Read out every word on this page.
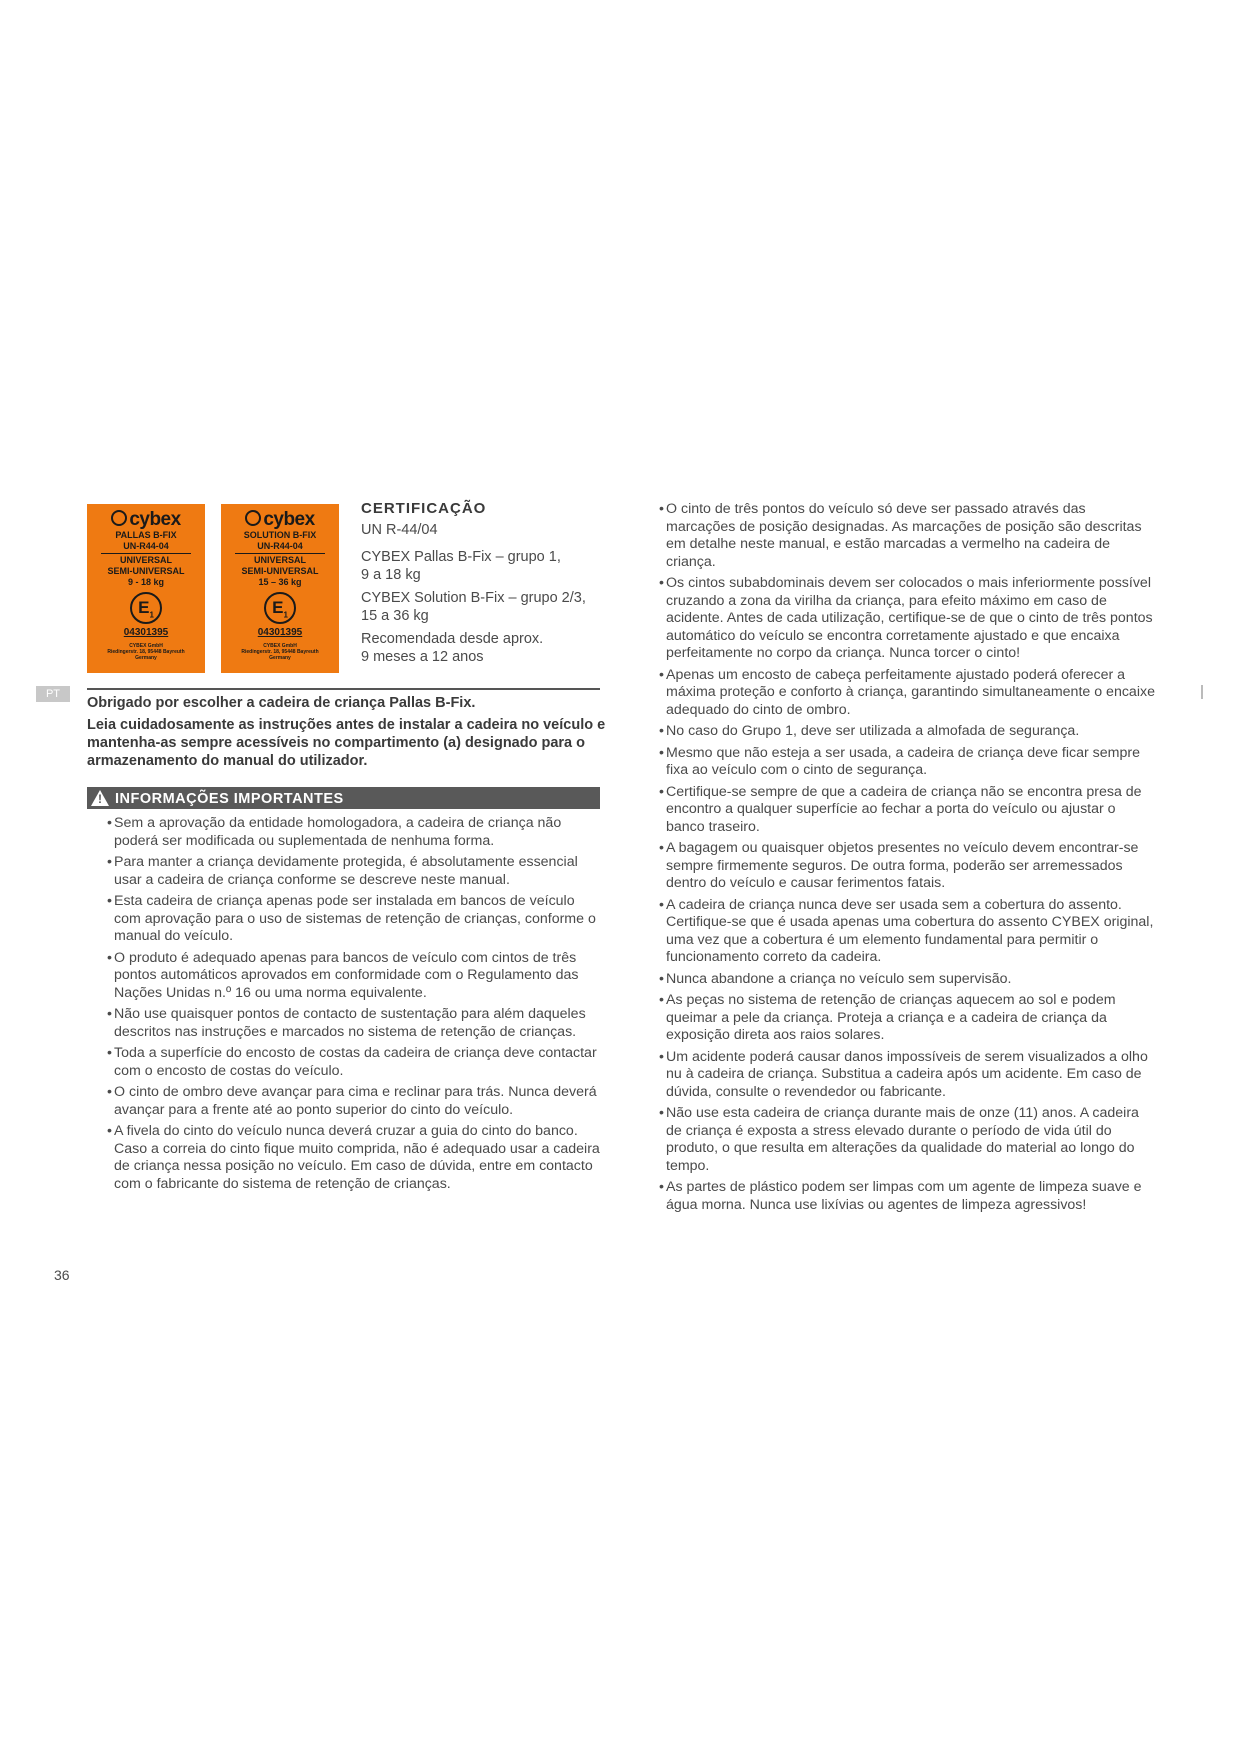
cybex
PALLAS B-FIX
UN-R44-04
UNIVERSAL
SEMI-UNIVERSAL
9 - 18 kg
$E_1$
04301395
CYBEX GmbH
Riedingerstr. 18, 95448 Bayreuth
Germany
cybex
SOLUTION B-FIX
UN-R44-04
UNIVERSAL
SEMI-UNIVERSAL
15 – 36 kg
$E_1$
04301395
CYBEX GmbH
Riedingerstr. 18, 95448 Bayreuth
Germany
CERTIFICAÇÃO
UN R-44/04
CYBEX Pallas B-Fix – grupo 1,
9 a 18 kg
CYBEX Solution B-Fix – grupo 2/3,
15 a 36 kg
Recomendada desde aprox.
9 meses a 12 anos
PT
Obrigado por escolher a cadeira de criança Pallas B-Fix.
Leia cuidadosamente as instruções antes de instalar a cadeira no veículo e mantenha-as sempre acessíveis no compartimento (a) designado para o armazenamento do manual do utilizador.
! INFORMAÇÕES IMPORTANTES
• Sem a aprovação da entidade homologadora, a cadeira de criança não poderá ser modificada ou suplementada de nenhuma forma.
• Para manter a criança devidamente protegida, é absolutamente essencial usar a cadeira de criança conforme se descreve neste manual.
• Esta cadeira de criança apenas pode ser instalada em bancos de veículo com aprovação para o uso de sistemas de retenção de crianças, conforme o manual do veículo.
• O produto é adequado apenas para bancos de veículo com cintos de três pontos automáticos aprovados em conformidade com o Regulamento das Nações Unidas n.º 16 ou uma norma equivalente.
• Não use quaisquer pontos de contacto de sustentação para além daqueles descritos nas instruções e marcados no sistema de retenção de crianças.
• Toda a superfície do encosto de costas da cadeira de criança deve contactar com o encosto de costas do veículo.
• O cinto de ombro deve avançar para cima e reclinar para trás. Nunca deverá avançar para a frente até ao ponto superior do cinto do veículo.
• A fivela do cinto do veículo nunca deverá cruzar a guia do cinto do banco. Caso a correia do cinto fique muito comprida, não é adequado usar a cadeira de criança nessa posição no veículo. Em caso de dúvida, entre em contacto com o fabricante do sistema de retenção de crianças.
• O cinto de três pontos do veículo só deve ser passado através das marcações de posição designadas. As marcações de posição são descritas em detalhe neste manual, e estão marcadas a vermelho na cadeira de criança.
• Os cintos subabdominais devem ser colocados o mais inferiormente possível cruzando a zona da virilha da criança, para efeito máximo em caso de acidente. Antes de cada utilização, certifique-se de que o cinto de três pontos automático do veículo se encontra corretamente ajustado e que encaixa perfeitamente no corpo da criança. Nunca torcer o cinto!
• Apenas um encosto de cabeça perfeitamente ajustado poderá oferecer a máxima proteção e conforto à criança, garantindo simultaneamente o encaixe adequado do cinto de ombro.
• No caso do Grupo 1, deve ser utilizada a almofada de segurança.
• Mesmo que não esteja a ser usada, a cadeira de criança deve ficar sempre fixa ao veículo com o cinto de segurança.
• Certifique-se sempre de que a cadeira de criança não se encontra presa de encontro a qualquer superfície ao fechar a porta do veículo ou ajustar o banco traseiro.
• A bagagem ou quaisquer objetos presentes no veículo devem encontrar-se sempre firmemente seguros. De outra forma, poderão ser arremessados dentro do veículo e causar ferimentos fatais.
• A cadeira de criança nunca deve ser usada sem a cobertura do assento. Certifique-se que é usada apenas uma cobertura do assento CYBEX original, uma vez que a cobertura é um elemento fundamental para permitir o funcionamento correto da cadeira.
• Nunca abandone a criança no veículo sem supervisão.
• As peças no sistema de retenção de crianças aquecem ao sol e podem queimar a pele da criança. Proteja a criança e a cadeira de criança da exposição direta aos raios solares.
• Um acidente poderá causar danos impossíveis de serem visualizados a olho nu à cadeira de criança. Substitua a cadeira após um acidente. Em caso de dúvida, consulte o revendedor ou fabricante.
• Não use esta cadeira de criança durante mais de onze (11) anos. A cadeira de criança é exposta a stress elevado durante o período de vida útil do produto, o que resulta em alterações da qualidade do material ao longo do tempo.
• As partes de plástico podem ser limpas com um agente de limpeza suave e água morna. Nunca use lixívias ou agentes de limpeza agressivos!
36
